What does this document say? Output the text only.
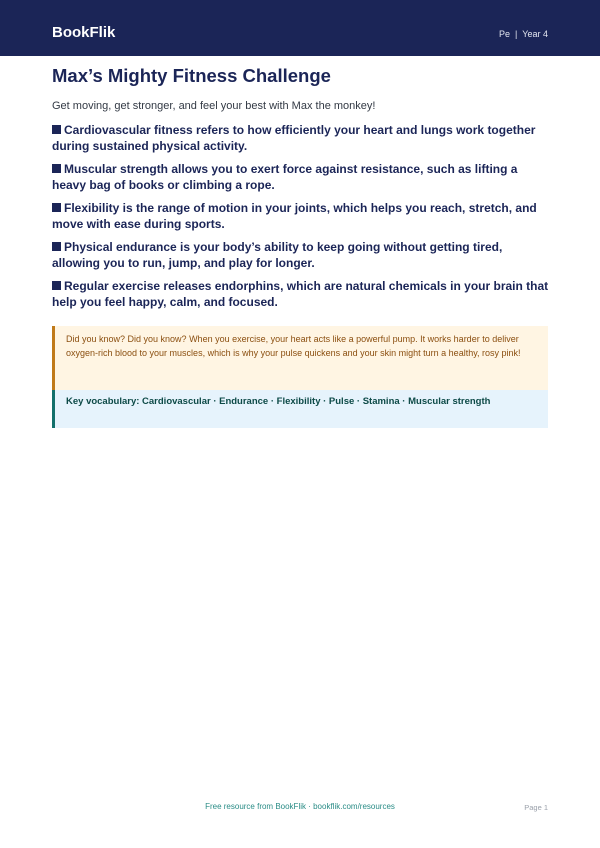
BookFlik	Pe | Year 4
Max’s Mighty Fitness Challenge

Get moving, get stronger, and feel your best with Max the monkey!

Cardiovascular fitness refers to how efficiently your heart and lungs work together during sustained physical activity.
Muscular strength allows you to exert force against resistance, such as lifting a heavy bag of books or climbing a rope.
Flexibility is the range of motion in your joints, which helps you reach, stretch, and move with ease during sports.
Physical endurance is your body’s ability to keep going without getting tired, allowing you to run, jump, and play for longer.
Regular exercise releases endorphins, which are natural chemicals in your brain that help you feel happy, calm, and focused.

Did you know? Did you know? When you exercise, your heart acts like a powerful pump. It works harder to deliver oxygen-rich blood to your muscles, which is why your pulse quickens and your skin might turn a healthy, rosy pink!

Key vocabulary: Cardiovascular · Endurance · Flexibility · Pulse · Stamina · Muscular strength

Free resource from BookFlik · bookflik.com/resources	Page 1
